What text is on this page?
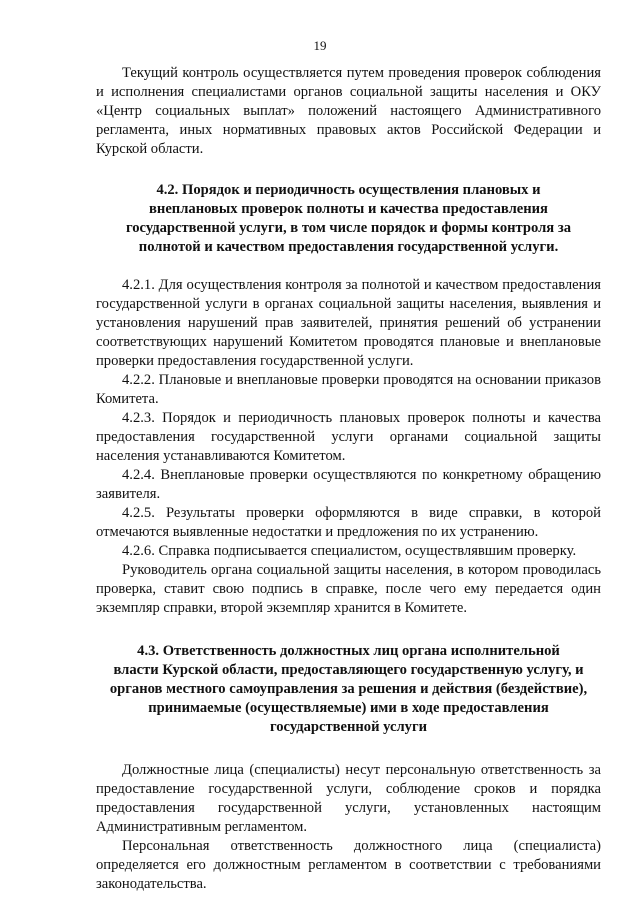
19

Текущий контроль осуществляется путем проведения проверок соблюдения и исполнения специалистами органов социальной защиты населения и ОКУ «Центр социальных выплат» положений настоящего Административного регламента, иных нормативных правовых актов Российской Федерации и Курской области.

4.2. Порядок и периодичность осуществления плановых и
внеплановых проверок полноты и качества предоставления
государственной услуги, в том числе порядок и формы контроля за
полнотой и качеством предоставления государственной услуги.

4.2.1. Для осуществления контроля за полнотой и качеством предоставления государственной услуги в органах социальной защиты населения, выявления и установления нарушений прав заявителей, принятия решений об устранении соответствующих нарушений Комитетом проводятся плановые и внеплановые проверки предоставления государственной услуги.

4.2.2. Плановые и внеплановые проверки проводятся на основании приказов Комитета.

4.2.3. Порядок и периодичность плановых проверок полноты и качества предоставления государственной услуги органами социальной защиты населения устанавливаются Комитетом.

4.2.4. Внеплановые проверки осуществляются по конкретному обращению заявителя.

4.2.5. Результаты проверки оформляются в виде справки, в которой отмечаются выявленные недостатки и предложения по их устранению.

4.2.6. Справка подписывается специалистом, осуществлявшим проверку.

Руководитель органа социальной защиты населения, в котором проводилась проверка, ставит свою подпись в справке, после чего ему передается один экземпляр справки, второй экземпляр хранится в Комитете.

4.3. Ответственность должностных лиц органа исполнительной
власти Курской области, предоставляющего государственную услугу, и
органов местного самоуправления за решения и действия (бездействие),
принимаемые (осуществляемые) ими в ходе предоставления
государственной услуги

Должностные лица (специалисты) несут персональную ответственность за предоставление государственной услуги, соблюдение сроков и порядка предоставления государственной услуги, установленных настоящим Административным регламентом.

Персональная ответственность должностного лица (специалиста) определяется его должностным регламентом в соответствии с требованиями законодательства.
